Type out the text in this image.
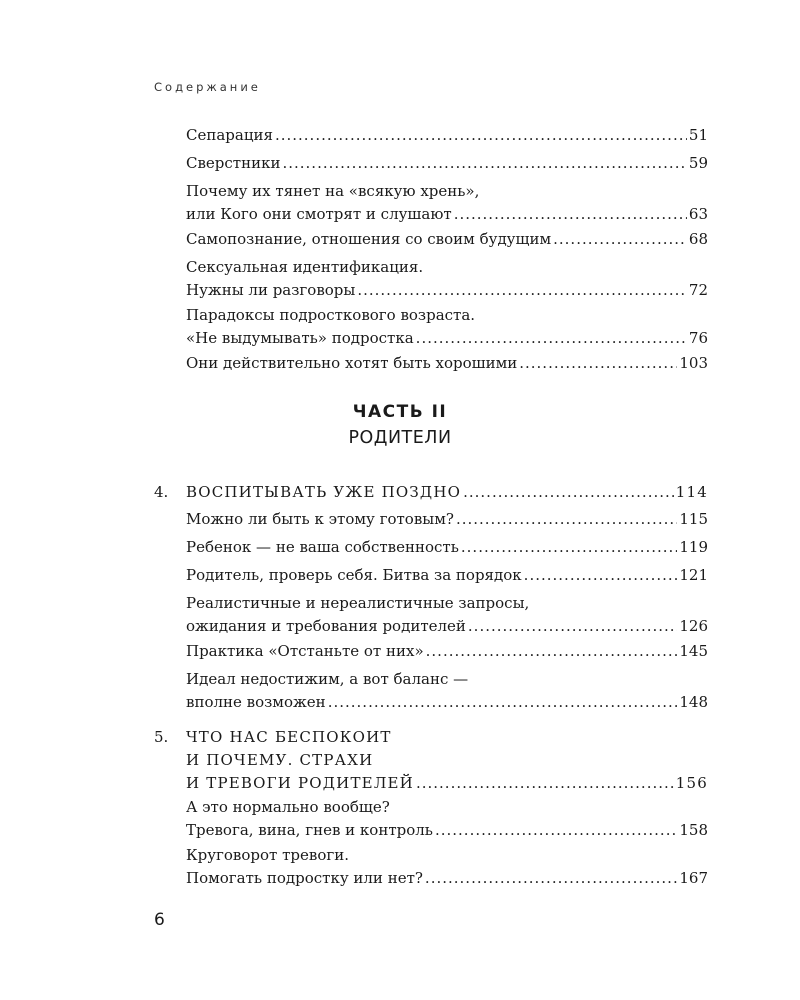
Содержание
Сепарация .....	51
Сверстники .....	59
Почему их тянет на «всякую хрень»,
или Кого они смотрят и слушают .....	63
Самопознание, отношения со своим будущим .....	68
Сексуальная идентификация.
Нужны ли разговоры .....	72
Парадоксы подросткового возраста.
«Не выдумывать» подростка .....	76
Они действительно хотят быть хорошими .....	103
ЧАСТЬ II
РОДИТЕЛИ
4. ВОСПИТЫВАТЬ УЖЕ ПОЗДНО .....	114
Можно ли быть к этому готовым? .....	115
Ребенок — не ваша собственность .....	119
Родитель, проверь себя. Битва за порядок .....	121
Реалистичные и нереалистичные запросы,
ожидания и требования родителей .....	126
Практика «Отстаньте от них» .....	145
Идеал недостижим, а вот баланс —
вполне возможен .....	148
5. ЧТО НАС БЕСПОКОИТ
И ПОЧЕМУ. СТРАХИ
И ТРЕВОГИ РОДИТЕЛЕЙ .....	156
А это нормально вообще?
Тревога, вина, гнев и контроль .....	158
Круговорот тревоги.
Помогать подростку или нет? .....	167
6
